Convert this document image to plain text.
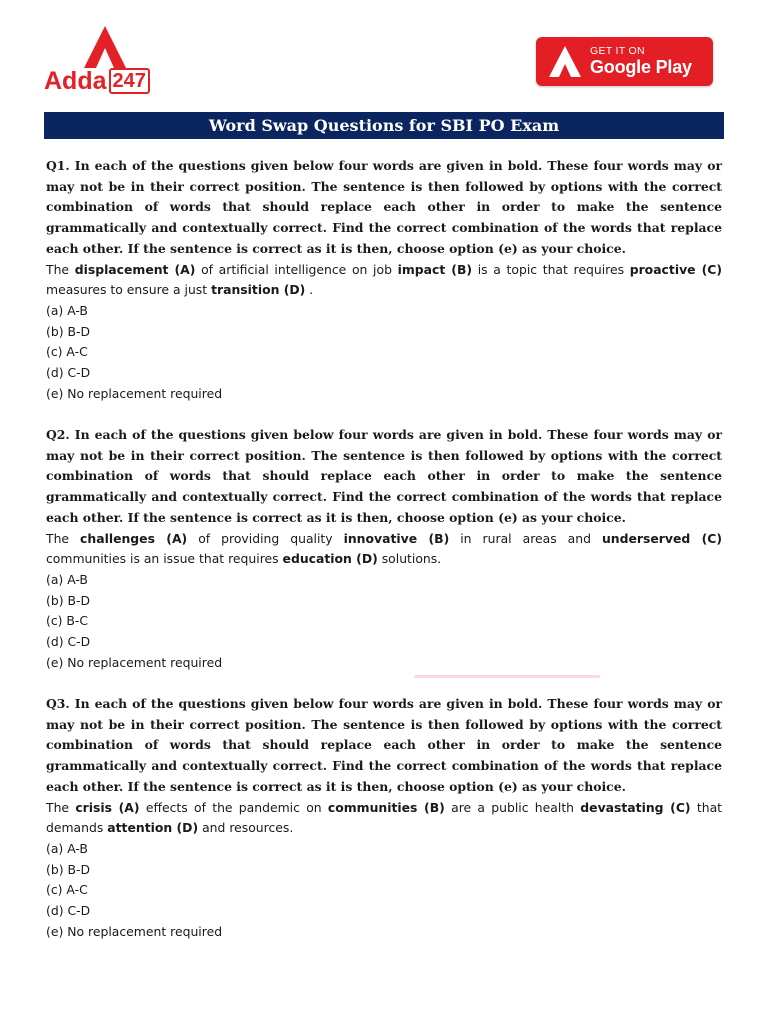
Adda 247
GET IT ON
Google Play
Word Swap Questions for SBI PO Exam
Q1. In each of the questions given below four words are given in bold. These four words may or
may not be in their correct position. The sentence is then followed by options with the correct
combination of words that should replace each other in order to make the sentence
grammatically and contextually correct. Find the correct combination of the words that replace
each other. If the sentence is correct as it is then, choose option (e) as your choice.
The displacement (A) of artificial intelligence on job impact (B) is a topic that requires proactive (C)
measures to ensure a just transition (D) .
(a) A-B
(b) B-D
(c) A-C
(d) C-D
(e) No replacement required
Q2. In each of the questions given below four words are given in bold. These four words may or
may not be in their correct position. The sentence is then followed by options with the correct
combination of words that should replace each other in order to make the sentence
grammatically and contextually correct. Find the correct combination of the words that replace
each other. If the sentence is correct as it is then, choose option (e) as your choice.
The challenges (A) of providing quality innovative (B) in rural areas and underserved (C)
communities is an issue that requires education (D) solutions.
(a) A-B
(b) B-D
(c) B-C
(d) C-D
(e) No replacement required
Q3. In each of the questions given below four words are given in bold. These four words may or
may not be in their correct position. The sentence is then followed by options with the correct
combination of words that should replace each other in order to make the sentence
grammatically and contextually correct. Find the correct combination of the words that replace
each other. If the sentence is correct as it is then, choose option (e) as your choice.
The crisis (A) effects of the pandemic on communities (B) are a public health devastating (C) that
demands attention (D) and resources.
(a) A-B
(b) B-D
(c) A-C
(d) C-D
(e) No replacement required
